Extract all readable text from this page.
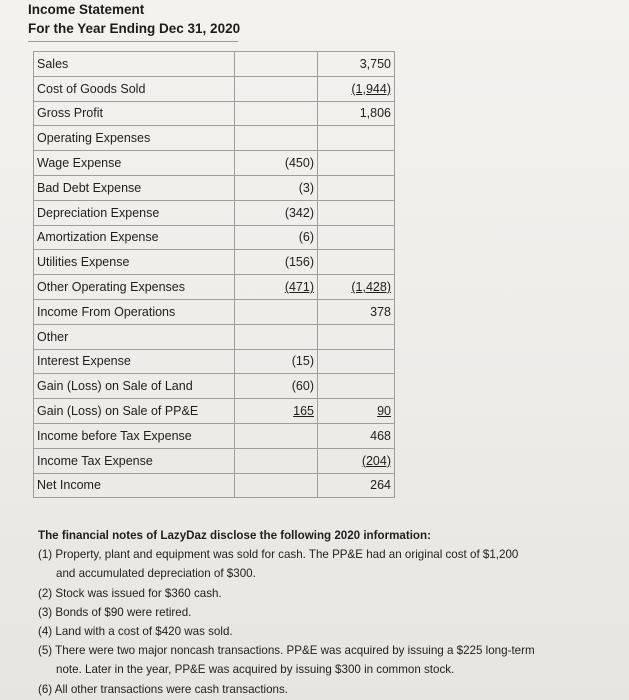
Income Statement
For the Year Ending Dec 31, 2020
Sales		3,750
Cost of Goods Sold		(1,944)
Gross Profit		1,806
Operating Expenses		
Wage Expense	(450)	
Bad Debt Expense	(3)	
Depreciation Expense	(342)	
Amortization Expense	(6)	
Utilities Expense	(156)	
Other Operating Expenses	(471)	(1,428)
Income From Operations		378
Other		
Interest Expense	(15)	
Gain (Loss) on Sale of Land	(60)	
Gain (Loss) on Sale of PP&E	165	90
Income before Tax Expense		468
Income Tax Expense		(204)
Net Income		264
The financial notes of LazyDaz disclose the following 2020 information:
(1) Property, plant and equipment was sold for cash. The PP&E had an original cost of $1,200
and accumulated depreciation of $300.
(2) Stock was issued for $360 cash.
(3) Bonds of $90 were retired.
(4) Land with a cost of $420 was sold.
(5) There were two major noncash transactions. PP&E was acquired by issuing a $225 long-term
note. Later in the year, PP&E was acquired by issuing $300 in common stock.
(6) All other transactions were cash transactions.
